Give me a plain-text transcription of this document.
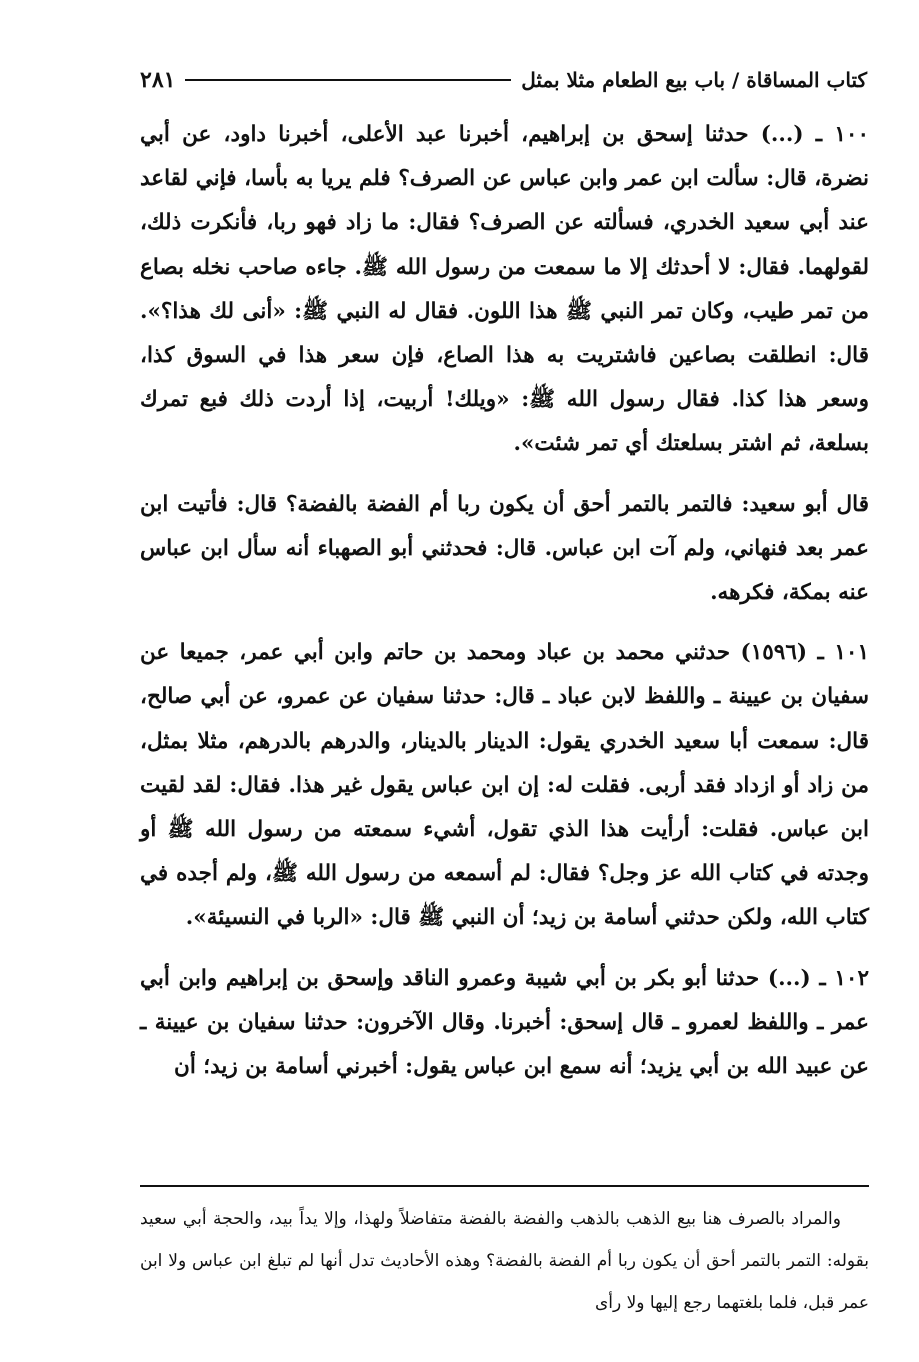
كتاب المساقاة / باب بيع الطعام مثلا بمثل
٢٨١

١٠٠ ـ (...) حدثنا إسحق بن إبراهيم، أخبرنا عبد الأعلى، أخبرنا داود، عن أبي نضرة، قال: سألت ابن عمر وابن عباس عن الصرف؟ فلم يريا به بأسا، فإني لقاعد عند أبي سعيد الخدري، فسألته عن الصرف؟ فقال: ما زاد فهو ربا، فأنكرت ذلك، لقولهما. فقال: لا أحدثك إلا ما سمعت من رسول الله ﷺ. جاءه صاحب نخله بصاع من تمر طيب، وكان تمر النبي ﷺ هذا اللون. فقال له النبي ﷺ: «أنى لك هذا؟». قال: انطلقت بصاعين فاشتريت به هذا الصاع، فإن سعر هذا في السوق كذا، وسعر هذا كذا. فقال رسول الله ﷺ: «ويلك! أربيت، إذا أردت ذلك فبع تمرك بسلعة، ثم اشتر بسلعتك أي تمر شئت».

قال أبو سعيد: فالتمر بالتمر أحق أن يكون ربا أم الفضة بالفضة؟ قال: فأتيت ابن عمر بعد فنهاني، ولم آت ابن عباس. قال: فحدثني أبو الصهباء أنه سأل ابن عباس عنه بمكة، فكرهه.

١٠١ ـ (١٥٩٦) حدثني محمد بن عباد ومحمد بن حاتم وابن أبي عمر، جميعا عن سفيان بن عيينة ـ واللفظ لابن عباد ـ قال: حدثنا سفيان عن عمرو، عن أبي صالح، قال: سمعت أبا سعيد الخدري يقول: الدينار بالدينار، والدرهم بالدرهم، مثلا بمثل، من زاد أو ازداد فقد أربى. فقلت له: إن ابن عباس يقول غير هذا. فقال: لقد لقيت ابن عباس. فقلت: أرأيت هذا الذي تقول، أشيء سمعته من رسول الله ﷺ أو وجدته في كتاب الله عز وجل؟ فقال: لم أسمعه من رسول الله ﷺ، ولم أجده في كتاب الله، ولكن حدثني أسامة بن زيد؛ أن النبي ﷺ قال: «الربا في النسيئة».

١٠٢ ـ (...) حدثنا أبو بكر بن أبي شيبة وعمرو الناقد وإسحق بن إبراهيم وابن أبي عمر ـ واللفظ لعمرو ـ قال إسحق: أخبرنا. وقال الآخرون: حدثنا سفيان بن عيينة ـ عن عبيد الله بن أبي يزيد؛ أنه سمع ابن عباس يقول: أخبرني أسامة بن زيد؛ أن

والمراد بالصرف هنا بيع الذهب بالذهب والفضة بالفضة متفاضلاً ولهذا، وإلا يداً بيد، والحجة أبي سعيد بقوله: التمر بالتمر أحق أن يكون ربا أم الفضة بالفضة؟ وهذه الأحاديث تدل أنها لم تبلغ ابن عباس ولا ابن عمر قبل، فلما بلغتهما رجع إليها ولا رأى
